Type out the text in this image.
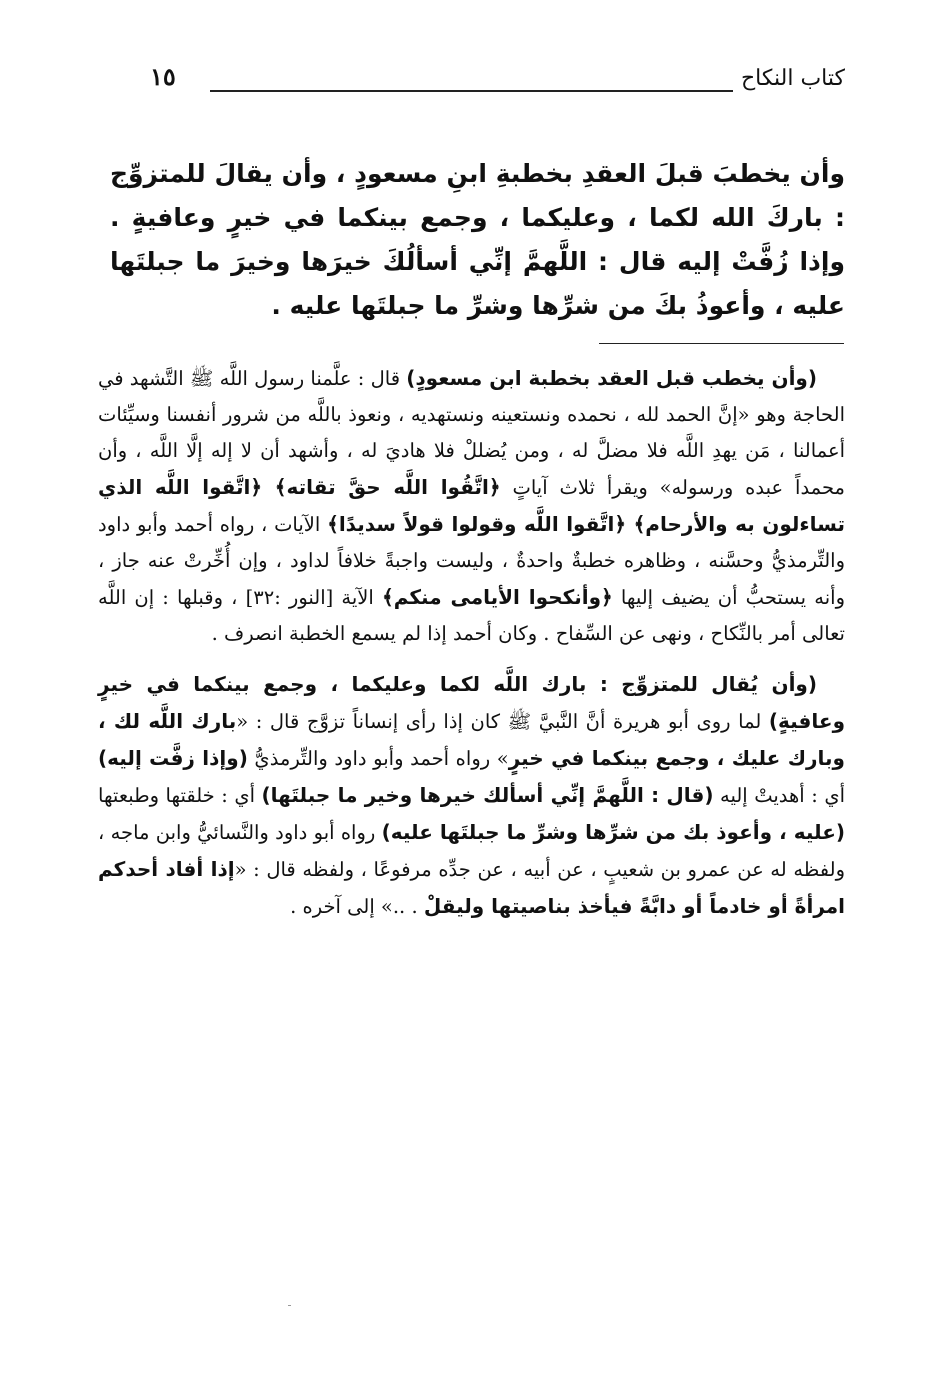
كتاب النكاح
١٥

وأن يخطبَ قبلَ العقدِ بخطبةِ ابنِ مسعودٍ ، وأن يقالَ للمتزوِّج : باركَ الله لكما ، وعليكما ، وجمع بينكما في خيرٍ وعافيةٍ . وإذا زُفَّتْ إليه قال : اللَّهمَّ إنِّي أسألُكَ خيرَها وخيرَ ما جبلتَها عليه ، وأعوذُ بكَ من شرِّها وشرِّ ما جبلتَها عليه .

(وأن يخطب قبل العقد بخطبة ابن مسعودٍ) قال : علَّمنا رسول اللَّه ﷺ التَّشهد في الحاجة وهو «إنَّ الحمد لله ، نحمده ونستعينه ونستهديه ، ونعوذ باللَّه من شرور أنفسنا وسيِّئات أعمالنا ، مَن يهدِ اللَّه فلا مضلَّ له ، ومن يُضللْ فلا هاديَ له ، وأشهد أن لا إله إلَّا اللَّه ، وأن محمداً عبده ورسوله» ويقرأ ثلاث آياتٍ ﴿اتَّقُوا اللَّه حقَّ تقاته﴾ ﴿اتَّقوا اللَّه الذي تساءلون به والأرحام﴾ ﴿اتَّقوا اللَّه وقولوا قولاً سديدًا﴾ الآيات ، رواه أحمد وأبو داود والتِّرمذيُّ وحسَّنه ، وظاهره خطبةٌ واحدةٌ ، وليست واجبةً خلافاً لداود ، وإن أُخِّرتْ عنه جاز ، وأنه يستحبُّ أن يضيف إليها ﴿وأنكحوا الأيامى منكم﴾ الآية [النور :٣٢] ، وقبلها : إن اللَّه تعالى أمر بالنِّكاح ، ونهى عن السِّفاح . وكان أحمد إذا لم يسمع الخطبة انصرف .

(وأن يُقال للمتزوِّج : بارك اللَّه لكما وعليكما ، وجمع بينكما في خيرٍ وعافيةٍ) لما روى أبو هريرة أنَّ النَّبيَّ ﷺ كان إذا رأى إنساناً تزوَّج قال : «بارك اللَّه لك ، وبارك عليك ، وجمع بينكما في خيرٍ» رواه أحمد وأبو داود والتِّرمذيُّ (وإذا زفَّت إليه) أي : أهديتْ إليه (قال : اللَّهمَّ إنِّي أسألك خيرها وخير ما جبلتَها) أي : خلقتها وطبعتها (عليه ، وأعوذ بك من شرِّها وشرِّ ما جبلتَها عليه) رواه أبو داود والنَّسائيُّ وابن ماجه ، ولفظه له عن عمرو بن شعيبٍ ، عن أبيه ، عن جدِّه مرفوعًا ، ولفظه قال : «إذا أفاد أحدكم امرأةً أو خادماً أو دابَّةً فيأخذ بناصيتها وليقلْ . ..» إلى آخره .
